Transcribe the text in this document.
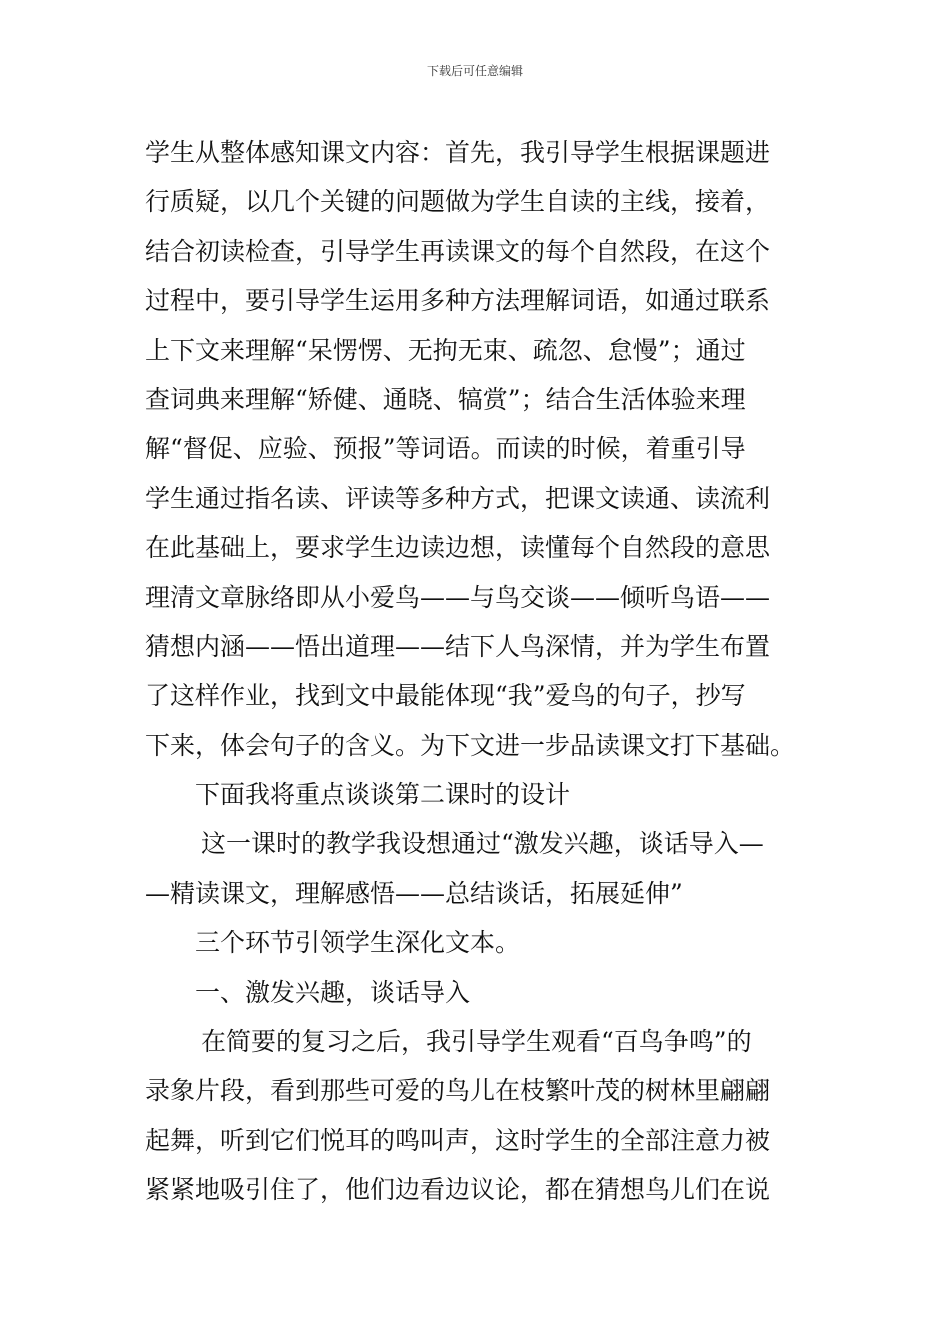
下载后可任意编辑
学生从整体感知课文内容：首先，我引导学生根据课题进
行质疑，以几个关键的问题做为学生自读的主线，接着，
结合初读检查，引导学生再读课文的每个自然段，在这个
过程中，要引导学生运用多种方法理解词语，如通过联系
上下文来理解“呆愣愣、无拘无束、疏忽、怠慢”；通过
查词典来理解“矫健、通晓、犒赏”；结合生活体验来理
解“督促、应验、预报”等词语。而读的时候，着重引导
学生通过指名读、评读等多种方式，把课文读通、读流利
在此基础上，要求学生边读边想，读懂每个自然段的意思
理清文章脉络即从小爱鸟——与鸟交谈——倾听鸟语——
猜想内涵——悟出道理——结下人鸟深情，并为学生布置
了这样作业，找到文中最能体现“我”爱鸟的句子，抄写
下来，体会句子的含义。为下文进一步品读课文打下基础。
下面我将重点谈谈第二课时的设计
这一课时的教学我设想通过“激发兴趣，谈话导入—
—精读课文，理解感悟——总结谈话，拓展延伸”
三个环节引领学生深化文本。
一、激发兴趣，谈话导入
在简要的复习之后，我引导学生观看“百鸟争鸣”的
录象片段，看到那些可爱的鸟儿在枝繁叶茂的树林里翩翩
起舞，听到它们悦耳的鸣叫声，这时学生的全部注意力被
紧紧地吸引住了，他们边看边议论，都在猜想鸟儿们在说
